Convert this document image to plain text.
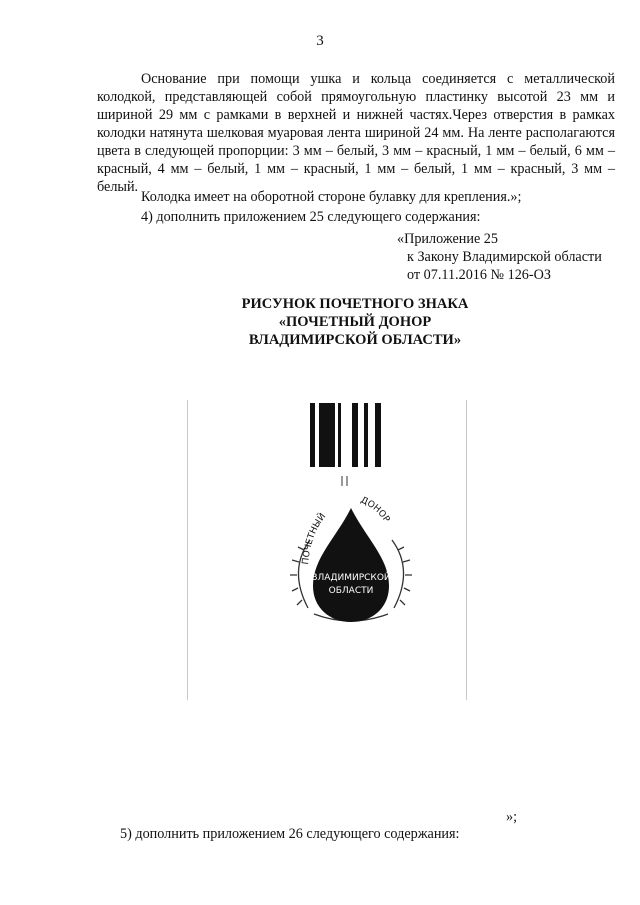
3

Основание при помощи ушка и кольца соединяется с металлической колодкой, представляющей собой прямоугольную пластинку высотой 23 мм и шириной 29 мм с рамками в верхней и нижней частях.Через отверстия в рамках колодки натянута шелковая муаровая лента шириной 24 мм. На ленте располагаются цвета в следующей пропорции: 3 мм – белый, 3 мм – красный, 1 мм – белый, 6 мм – красный, 4 мм – белый, 1 мм – красный, 1 мм – белый, 1 мм – красный, 3 мм – белый.

Колодка имеет на оборотной стороне булавку для крепления.»;

4) дополнить приложением 25 следующего содержания:

«Приложение 25
к Закону Владимирской области
от 07.11.2016 № 126-ОЗ
РИСУНОК ПОЧЕТНОГО ЗНАКА
«ПОЧЕТНЫЙ ДОНОР
ВЛАДИМИРСКОЙ ОБЛАСТИ»
ПОЧЕТНЫЙ
ДОНОР
ВЛАДИМИРСКОЙ
ОБЛАСТИ
»;
5) дополнить приложением 26 следующего содержания:
